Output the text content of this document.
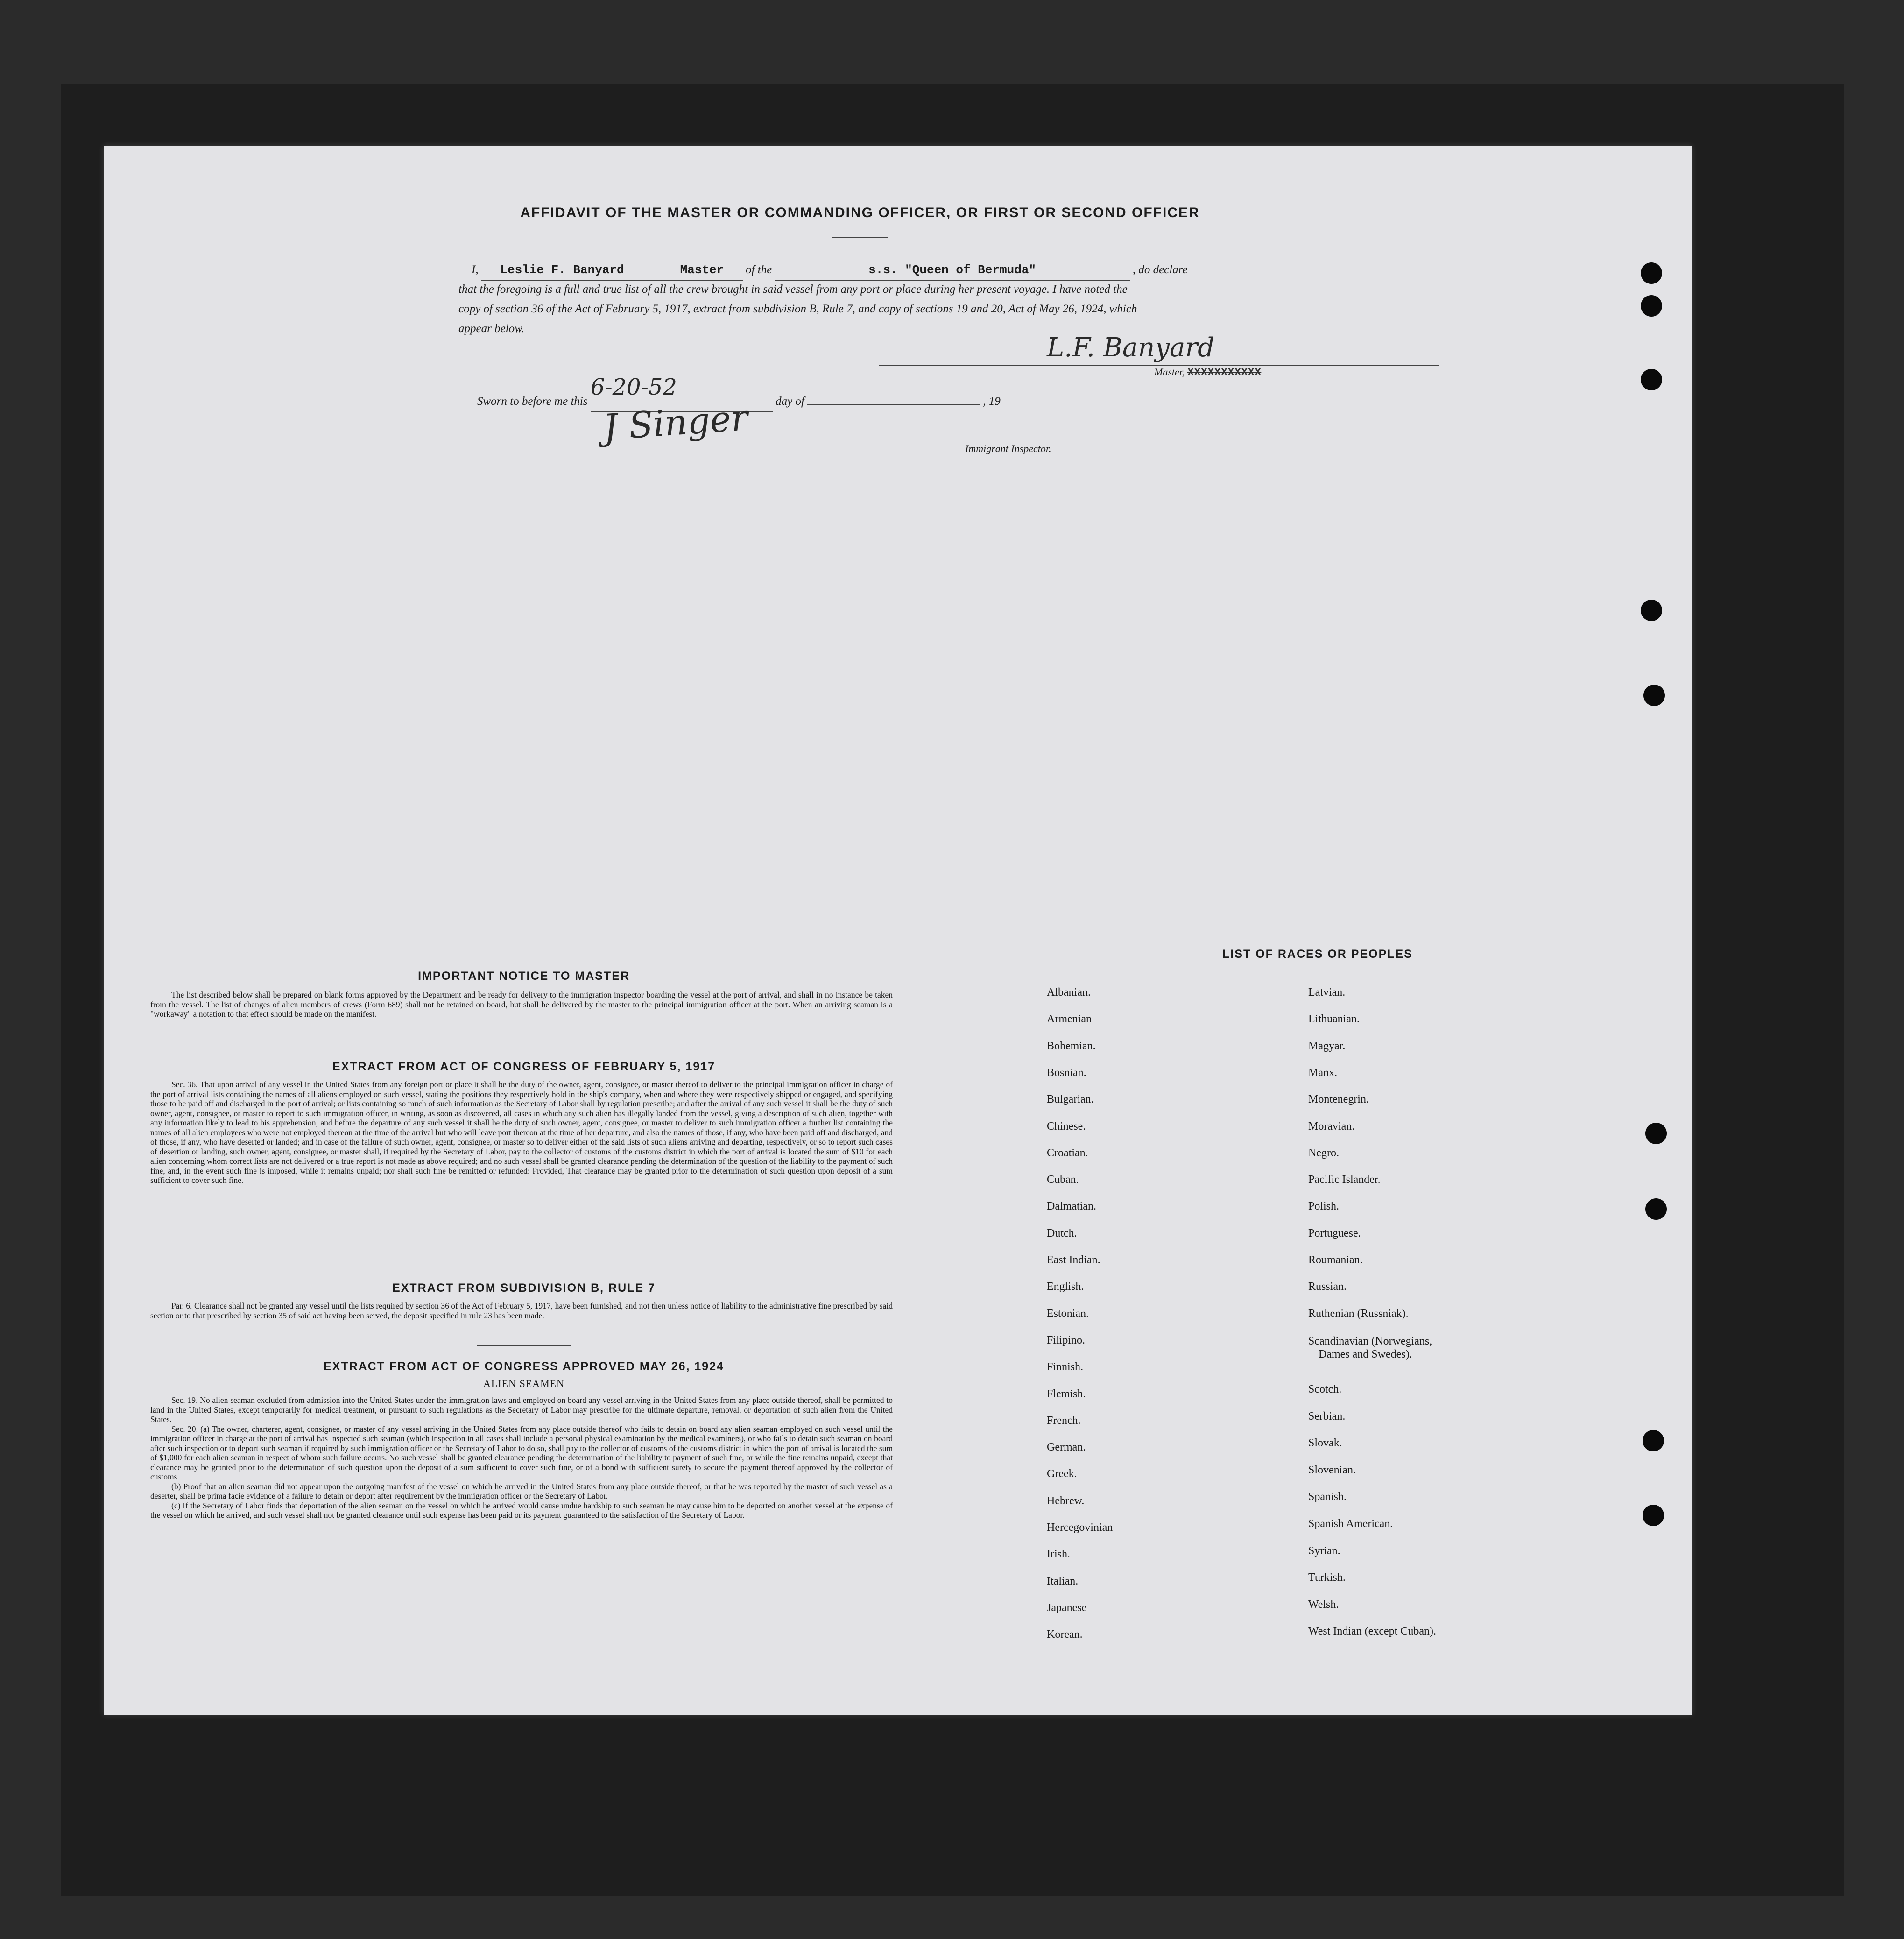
AFFIDAVIT OF THE MASTER OR COMMANDING OFFICER, OR FIRST OR SECOND OFFICER
I, Leslie F. Banyard	Master of the	s.s. "Queen of Bermuda"	, do declare
that the foregoing is a full and true list of all the crew brought in said vessel from any port or place during her present voyage. I have noted the
copy of section 36 of the Act of February 5, 1917, extract from subdivision B, Rule 7, and copy of sections 19 and 20, Act of May 26, 1924, which
appear below.
L.F. Banyard
Master, XXXXXXXXXXX
Sworn to before me this 6-20-52 day of	, 19
J Singer
Immigrant Inspector.
IMPORTANT NOTICE TO MASTER
The list described below shall be prepared on blank forms approved by the Department and be ready for delivery to the immigration inspector boarding the vessel at the port of arrival, and shall in no instance be taken from the vessel. The list of changes of alien members of crews (Form 689) shall not be retained on board, but shall be delivered by the master to the principal immigration officer at the port. When an arriving seaman is a "workaway" a notation to that effect should be made on the manifest.
EXTRACT FROM ACT OF CONGRESS OF FEBRUARY 5, 1917
Sec. 36. That upon arrival of any vessel in the United States from any foreign port or place it shall be the duty of the owner, agent, consignee, or master thereof to deliver to the principal immigration officer in charge of the port of arrival lists containing the names of all aliens employed on such vessel, stating the positions they respectively hold in the ship's company, when and where they were respectively shipped or engaged, and specifying those to be paid off and discharged in the port of arrival; or lists containing so much of such information as the Secretary of Labor shall by regulation prescribe; and after the arrival of any such vessel it shall be the duty of such owner, agent, consignee, or master to report to such immigration officer, in writing, as soon as discovered, all cases in which any such alien has illegally landed from the vessel, giving a description of such alien, together with any information likely to lead to his apprehension; and before the departure of any such vessel it shall be the duty of such owner, agent, consignee, or master to deliver to such immigration officer a further list containing the names of all alien employees who were not employed thereon at the time of the arrival but who will leave port thereon at the time of her departure, and also the names of those, if any, who have been paid off and discharged, and of those, if any, who have deserted or landed; and in case of the failure of such owner, agent, consignee, or master so to deliver either of the said lists of such aliens arriving and departing, respectively, or so to report such cases of desertion or landing, such owner, agent, consignee, or master shall, if required by the Secretary of Labor, pay to the collector of customs of the customs district in which the port of arrival is located the sum of $10 for each alien concerning whom correct lists are not delivered or a true report is not made as above required; and no such vessel shall be granted clearance pending the determination of the question of the liability to the payment of such fine, and, in the event such fine is imposed, while it remains unpaid; nor shall such fine be remitted or refunded: Provided, That clearance may be granted prior to the determination of such question upon deposit of a sum sufficient to cover such fine.
EXTRACT FROM SUBDIVISION B, RULE 7
Par. 6. Clearance shall not be granted any vessel until the lists required by section 36 of the Act of February 5, 1917, have been furnished, and not then unless notice of liability to the administrative fine prescribed by said section or to that prescribed by section 35 of said act having been served, the deposit specified in rule 23 has been made.
EXTRACT FROM ACT OF CONGRESS APPROVED MAY 26, 1924
ALIEN SEAMEN
Sec. 19. No alien seaman excluded from admission into the United States under the immigration laws and employed on board any vessel arriving in the United States from any place outside thereof, shall be permitted to land in the United States, except temporarily for medical treatment, or pursuant to such regulations as the Secretary of Labor may prescribe for the ultimate departure, removal, or deportation of such alien from the United States.
Sec. 20. (a) The owner, charterer, agent, consignee, or master of any vessel arriving in the United States from any place outside thereof who fails to detain on board any alien seaman employed on such vessel until the immigration officer in charge at the port of arrival has inspected such seaman (which inspection in all cases shall include a personal physical examination by the medical examiners), or who fails to detain such seaman on board after such inspection or to deport such seaman if required by such immigration officer or the Secretary of Labor to do so, shall pay to the collector of customs of the customs district in which the port of arrival is located the sum of $1,000 for each alien seaman in respect of whom such failure occurs. No such vessel shall be granted clearance pending the determination of the liability to payment of such fine, or while the fine remains unpaid, except that clearance may be granted prior to the determination of such question upon the deposit of a sum sufficient to cover such fine, or of a bond with sufficient surety to secure the payment thereof approved by the collector of customs.
(b) Proof that an alien seaman did not appear upon the outgoing manifest of the vessel on which he arrived in the United States from any place outside thereof, or that he was reported by the master of such vessel as a deserter, shall be prima facie evidence of a failure to detain or deport after requirement by the immigration officer or the Secretary of Labor.
(c) If the Secretary of Labor finds that deportation of the alien seaman on the vessel on which he arrived would cause undue hardship to such seaman he may cause him to be deported on another vessel at the expense of the vessel on which he arrived, and such vessel shall not be granted clearance until such expense has been paid or its payment guaranteed to the satisfaction of the Secretary of Labor.
LIST OF RACES OR PEOPLES
Albanian.
Armenian
Bohemian.
Bosnian.
Bulgarian.
Chinese.
Croatian.
Cuban.
Dalmatian.
Dutch.
East Indian.
English.
Estonian.
Filipino.
Finnish.
Flemish.
French.
German.
Greek.
Hebrew.
Hercegovinian
Irish.
Italian.
Japanese
Korean.
Latvian.
Lithuanian.
Magyar.
Manx.
Montenegrin.
Moravian.
Negro.
Pacific Islander.
Polish.
Portuguese.
Roumanian.
Russian.
Ruthenian (Russniak).
Scandinavian (Norwegians,
Dames and Swedes).
Scotch.
Serbian.
Slovak.
Slovenian.
Spanish.
Spanish American.
Syrian.
Turkish.
Welsh.
West Indian (except Cuban).
